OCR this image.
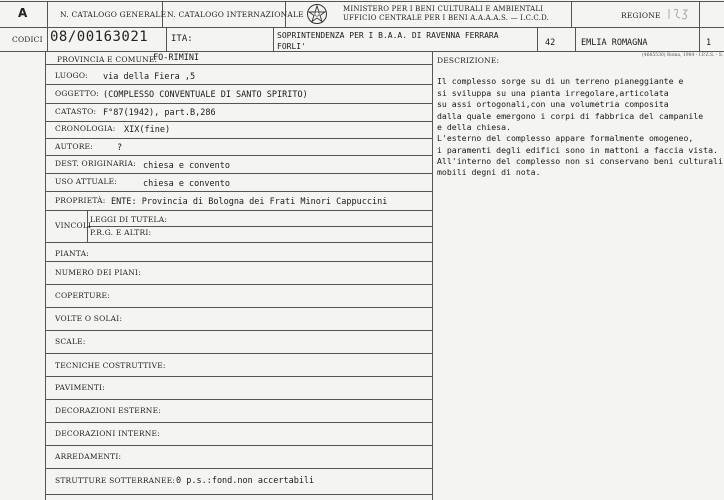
A	N. CATALOGO GENERALE N. CATALOGO INTERNAZIONALE
MINISTERO PER I BENI CULTURALI E AMBIENTALI
UFFICIO CENTRALE PER I BENI A.A.A.A.S. — I.C.C.D.	REGIONE
CODICI 08/00163021	ITA:	SOPRINTENDENZA PER I B.A.A. DI RAVENNA FERRARA
FORLI'	42	EMLIA ROMAGNA	1
(4665530) Roma, 1984 - I.P.Z.S. - S.
PROVINCIA E COMUNE:
FO-RIMINI
LUOGO: via della Fiera ,5
OGGETTO: (COMPLESSO CONVENTUALE DI SANTO SPIRITO)
CATASTO: F°87(1942), part.B,286
CRONOLOGIA: XIX(fine)
AUTORE:	?
DEST. ORIGINARIA: chiesa e convento
USO ATTUALE:	chiesa e convento
PROPRIETÀ: ENTE: Provincia di Bologna dei Frati Minori Cappuccini
VINCOLI
LEGGI DI TUTELA:
P.R.G. E ALTRI:
PIANTA:
NUMERO DEI PIANI:
COPERTURE:
VOLTE O SOLAI:
SCALE:
TECNICHE COSTRUTTIVE:
PAVIMENTI:
DECORAZIONI ESTERNE:
DECORAZIONI INTERNE:
ARREDAMENTI:
STRUTTURE SOTTERRANEE: 0 p.s.:fond.non accertabili
DESCRIZIONE:
Il complesso sorge su di un terreno pianeggiante e
si sviluppa su una pianta irregolare,articolata
su assi ortogonali,con una volumetria composita
dalla quale emergono i corpi di fabbrica del campanile
e della chiesa.
L'esterno del complesso appare formalmente omogeneo,
i paramenti degli edifici sono in mattoni a faccia vista.
All'interno del complesso non si conservano beni culturali
mobili degni di nota.
